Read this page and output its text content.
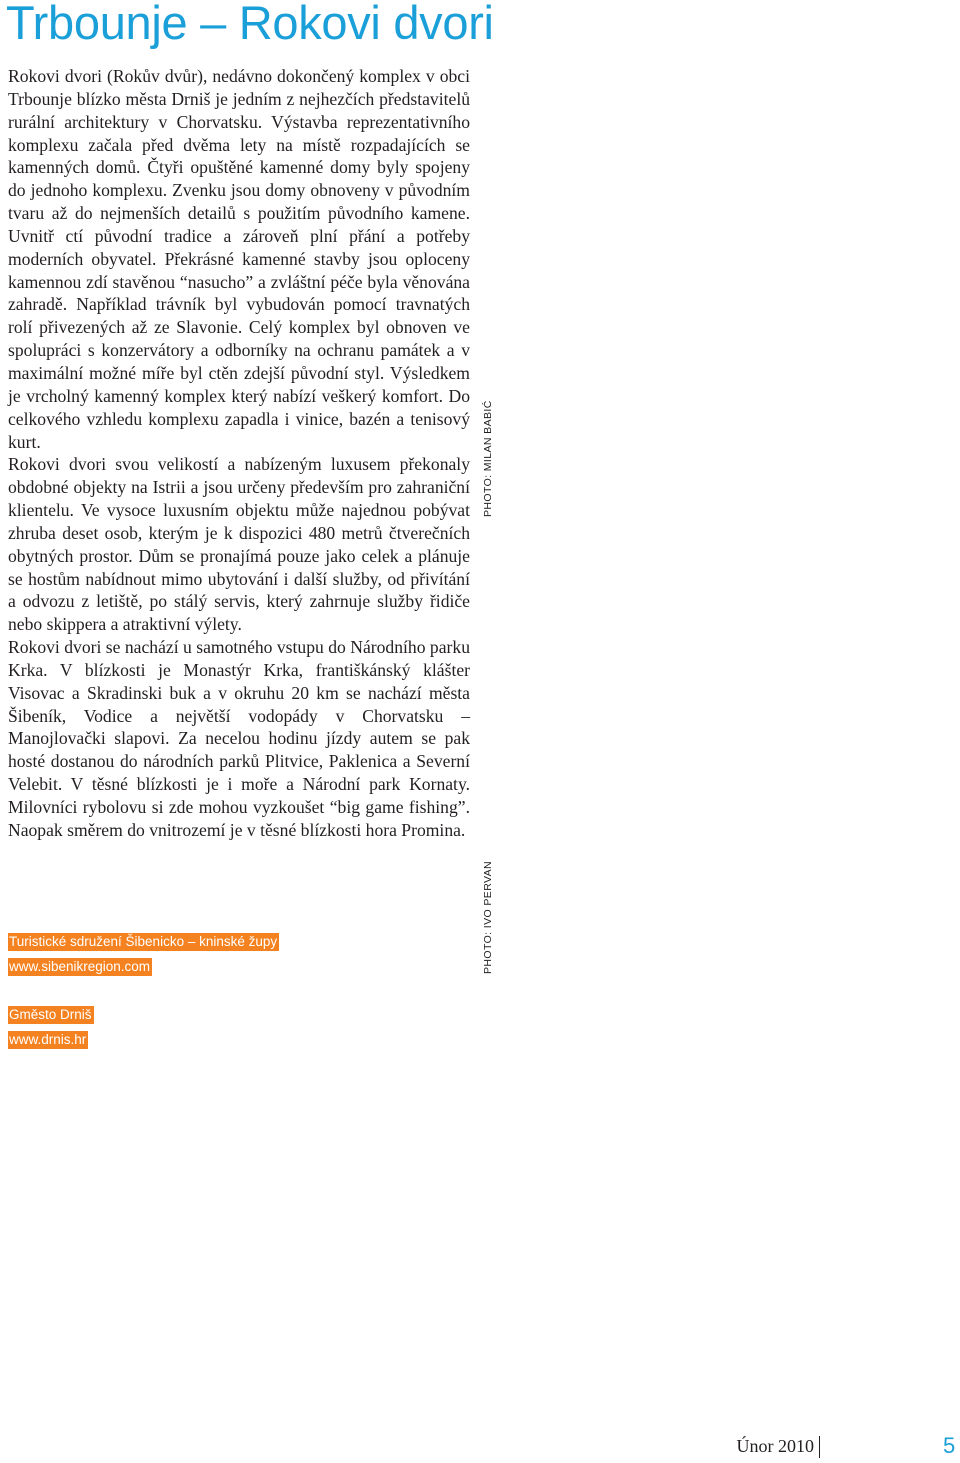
Trbounje – Rokovi dvori

Rokovi dvori (Rokův dvůr), nedávno dokončený komplex v obci Trbounje blízko města Drniš je jedním z nejhezčích představitelů rurální architektury v Chorvatsku. Výstavba reprezentativního komplexu začala před dvěma lety na místě rozpadajících se kamenných domů. Čtyři opuštěné kamenné domy byly spojeny do jednoho komplexu. Zvenku jsou domy obnoveny v původním tvaru až do nejmenších detailů s použitím původního kamene. Uvnitř ctí původní tradice a zároveň plní přání a potřeby moderních obyvatel. Překrásné kamenné stavby jsou oploceny kamennou zdí stavěnou “nasucho” a zvláštní péče byla věnována zahradě. Například trávník byl vybudován pomocí travnatých rolí přivezených až ze Slavonie. Celý komplex byl obnoven ve spolupráci s konzervátory a odborníky na ochranu památek a v maximální možné míře byl ctěn zdejší původní styl. Výsledkem je vrcholný kamenný komplex který nabízí veškerý komfort. Do celkového vzhledu komplexu zapadla i vinice, bazén a tenisový kurt.

Rokovi dvori svou velikostí a nabízeným luxusem překonaly obdobné objekty na Istrii a jsou určeny především pro zahraniční klientelu. Ve vysoce luxusním objektu může najednou pobývat zhruba deset osob, kterým je k dispozici 480 metrů čtverečních obytných prostor. Dům se pronajímá pouze jako celek a plánuje se hostům nabídnout mimo ubytování i další služby, od přivítání a odvozu z letiště, po stálý servis, který zahrnuje služby řidiče nebo skippera a atraktivní výlety.

Rokovi dvori se nachází u samotného vstupu do Národního parku Krka. V blízkosti je Monastýr Krka, františkánský klášter Visovac a Skradinski buk a v okruhu 20 km se nachází města Šibeník, Vodice a největší vodopády v Chorvatsku – Manojlovački slapovi. Za necelou hodinu jízdy autem se pak hosté dostanou do národních parků Plitvice, Paklenica a Severní Velebit. V těsné blízkosti je i moře a Národní park Kornaty. Milovníci rybolovu si zde mohou vyzkoušet “big game fishing”. Naopak směrem do vnitrozemí je v těsné blízkosti hora Promina.

Turistické sdružení Šibenicko – kninské župy
www.sibenikregion.com
Gměsto Drniš
www.drnis.hr
PHOTO: MILAN BABIĆ
PHOTO: IVO PERVAN
Únor 2010	5
